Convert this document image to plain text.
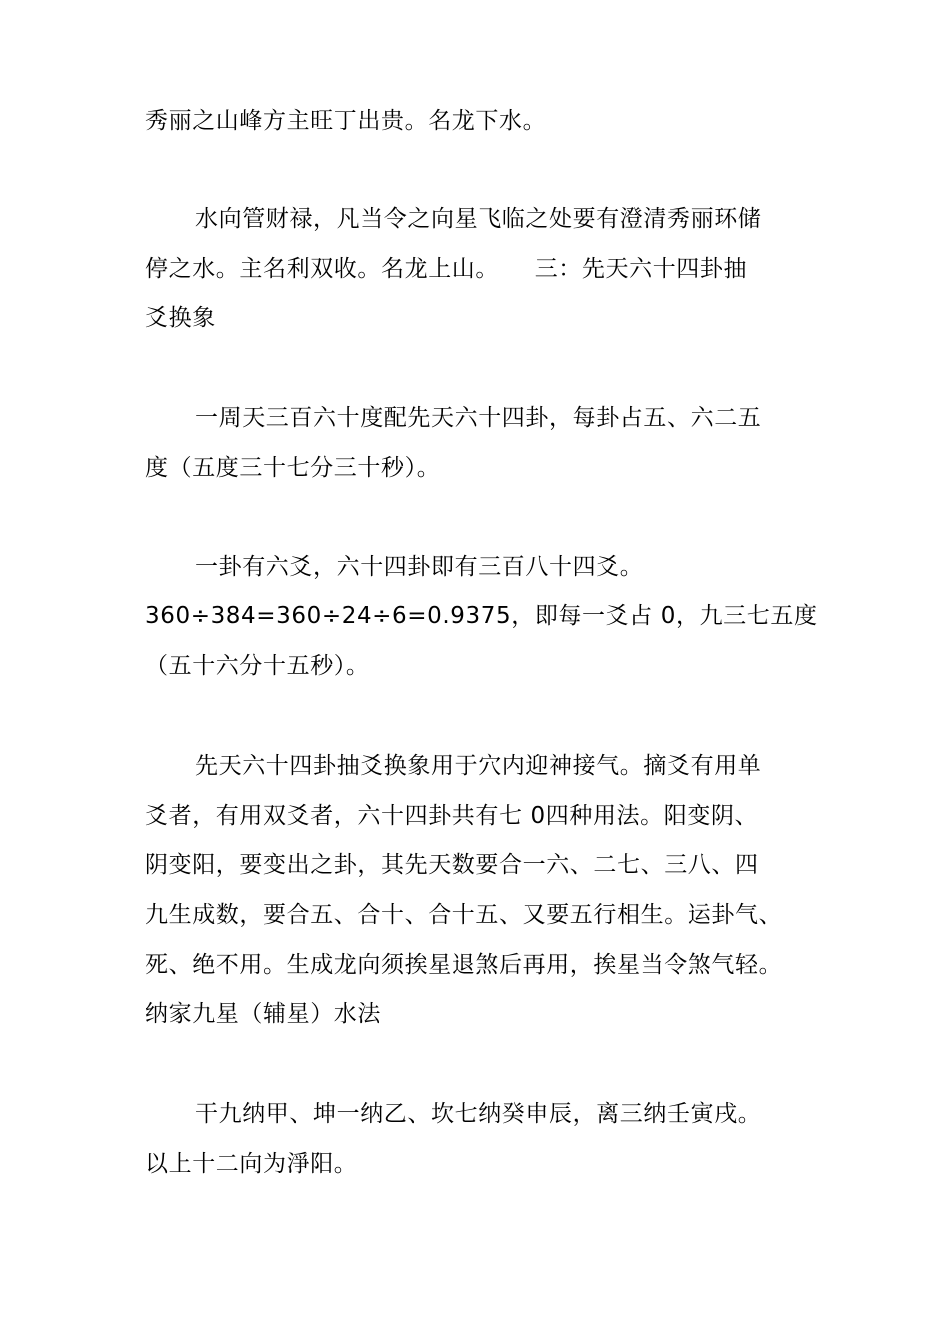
秀丽之山峰方主旺丁出贵。名龙下水。
水向管财禄，凡当令之向星飞临之处要有澄清秀丽环储
停之水。主名利双收。名龙上山。　　三：先天六十四卦抽
爻换象
一周天三百六十度配先天六十四卦，每卦占五、六二五
度（五度三十七分三十秒）。
一卦有六爻，六十四卦即有三百八十四爻。
360÷384=360÷24÷6=0.9375，即每一爻占 0，九三七五度
（五十六分十五秒）。
先天六十四卦抽爻换象用于穴内迎神接气。摘爻有用单
爻者，有用双爻者，六十四卦共有七 0四种用法。阳变阴、
阴变阳，要变出之卦，其先天数要合一六、二七、三八、四
九生成数，要合五、合十、合十五、又要五行相生。运卦气、
死、绝不用。生成龙向须挨星退煞后再用，挨星当令煞气轻。
纳家九星（辅星）水法
干九纳甲、坤一纳乙、坎七纳癸申辰，离三纳壬寅戌。
以上十二向为淨阳。
